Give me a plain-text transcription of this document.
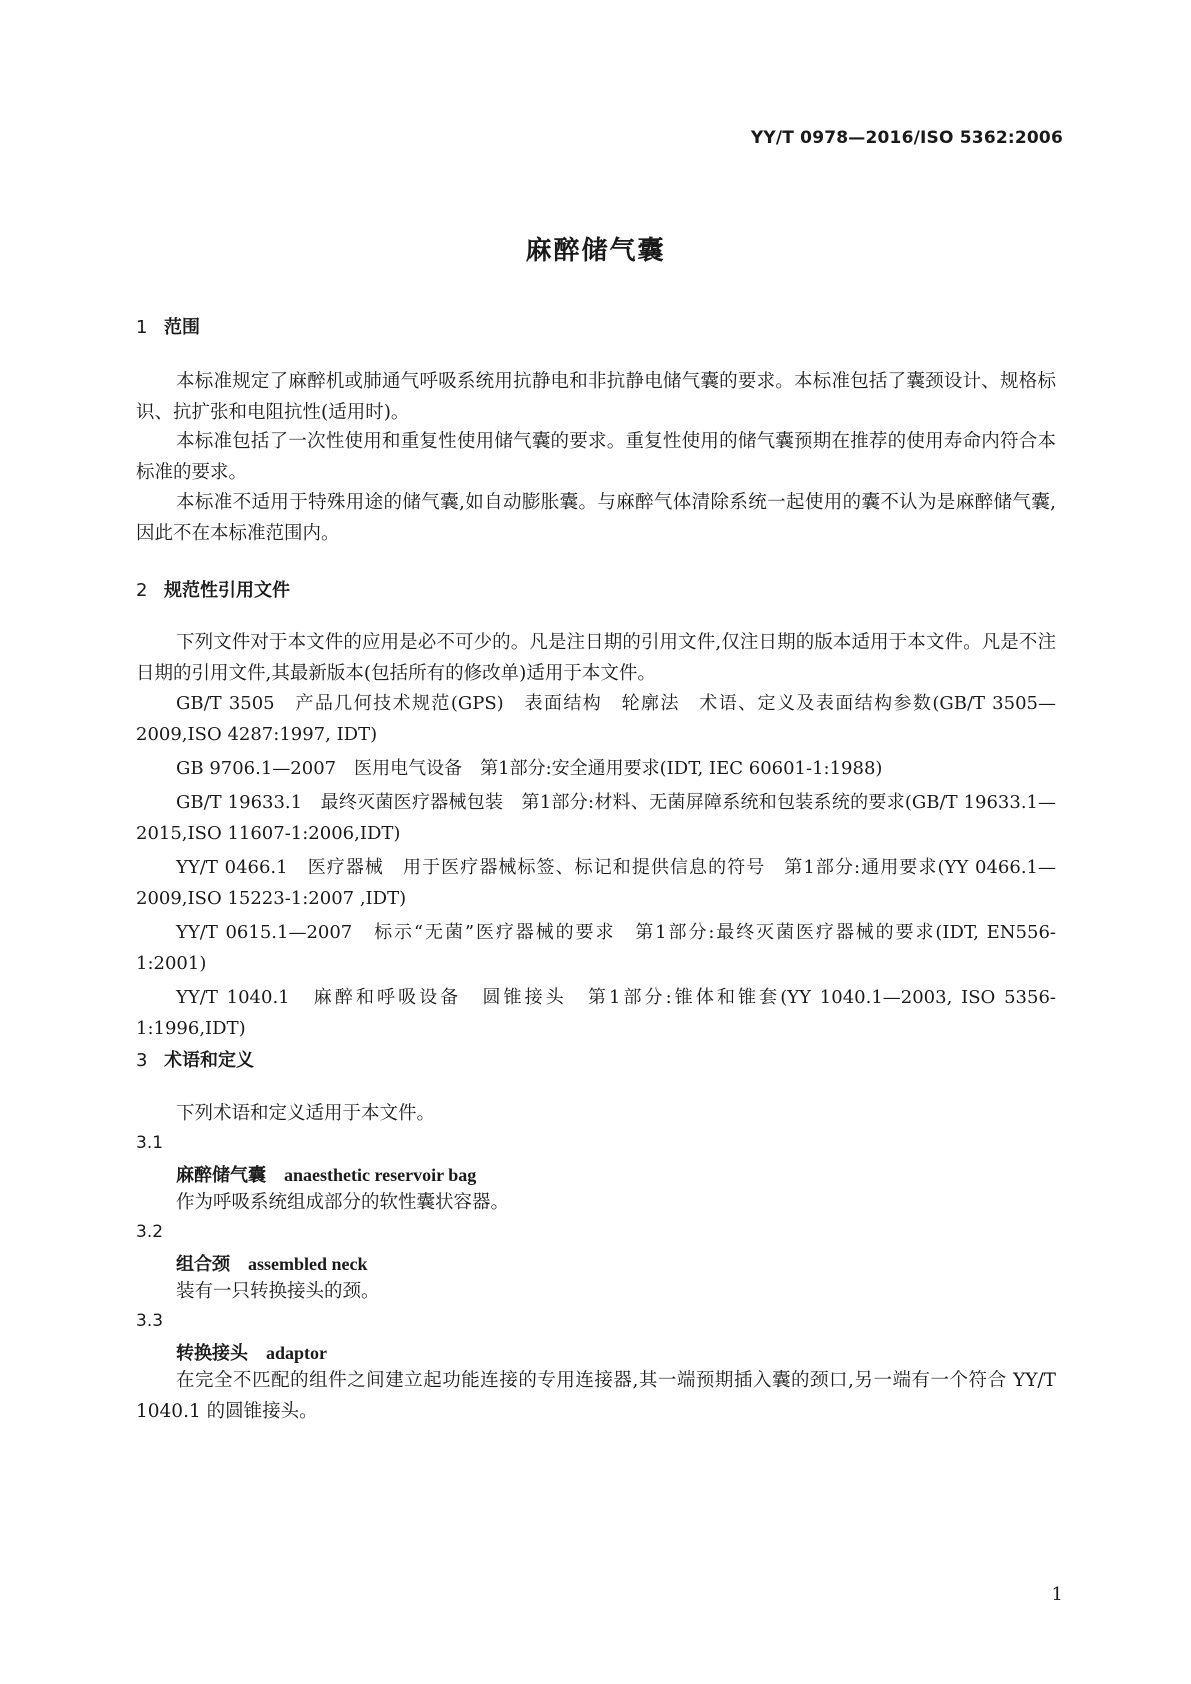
YY/T 0978—2016/ISO 5362:2006
麻醉储气囊
1 范围

本标准规定了麻醉机或肺通气呼吸系统用抗静电和非抗静电储气囊的要求。本标准包括了囊颈设计、规格标识、抗扩张和电阻抗性(适用时)。

本标准包括了一次性使用和重复性使用储气囊的要求。重复性使用的储气囊预期在推荐的使用寿命内符合本标准的要求。

本标准不适用于特殊用途的储气囊,如自动膨胀囊。与麻醉气体清除系统一起使用的囊不认为是麻醉储气囊,因此不在本标准范围内。

2 规范性引用文件

下列文件对于本文件的应用是必不可少的。凡是注日期的引用文件,仅注日期的版本适用于本文件。凡是不注日期的引用文件,其最新版本(包括所有的修改单)适用于本文件。

GB/T 3505　产品几何技术规范(GPS)　表面结构　轮廓法　术语、定义及表面结构参数(GB/T 3505—2009,ISO 4287:1997, IDT)
GB 9706.1—2007　医用电气设备　第1部分:安全通用要求(IDT, IEC 60601-1:1988)
GB/T 19633.1　最终灭菌医疗器械包装　第1部分:材料、无菌屏障系统和包装系统的要求(GB/T 19633.1—2015,ISO 11607-1:2006,IDT)
YY/T 0466.1　医疗器械　用于医疗器械标签、标记和提供信息的符号　第1部分:通用要求(YY 0466.1—2009,ISO 15223-1:2007 ,IDT)
YY/T 0615.1—2007　标示“无菌”医疗器械的要求　第1部分:最终灭菌医疗器械的要求(IDT, EN556-1:2001)
YY/T 1040.1　麻醉和呼吸设备　圆锥接头　第1部分:锥体和锥套(YY 1040.1—2003, ISO 5356-1:1996,IDT)
3 术语和定义

下列术语和定义适用于本文件。

3.1
麻醉储气囊 anaesthetic reservoir bag

作为呼吸系统组成部分的软性囊状容器。

3.2
组合颈 assembled neck

装有一只转换接头的颈。

3.3
转换接头 adaptor

在完全不匹配的组件之间建立起功能连接的专用连接器,其一端预期插入囊的颈口,另一端有一个符合 YY/T 1040.1 的圆锥接头。

1
